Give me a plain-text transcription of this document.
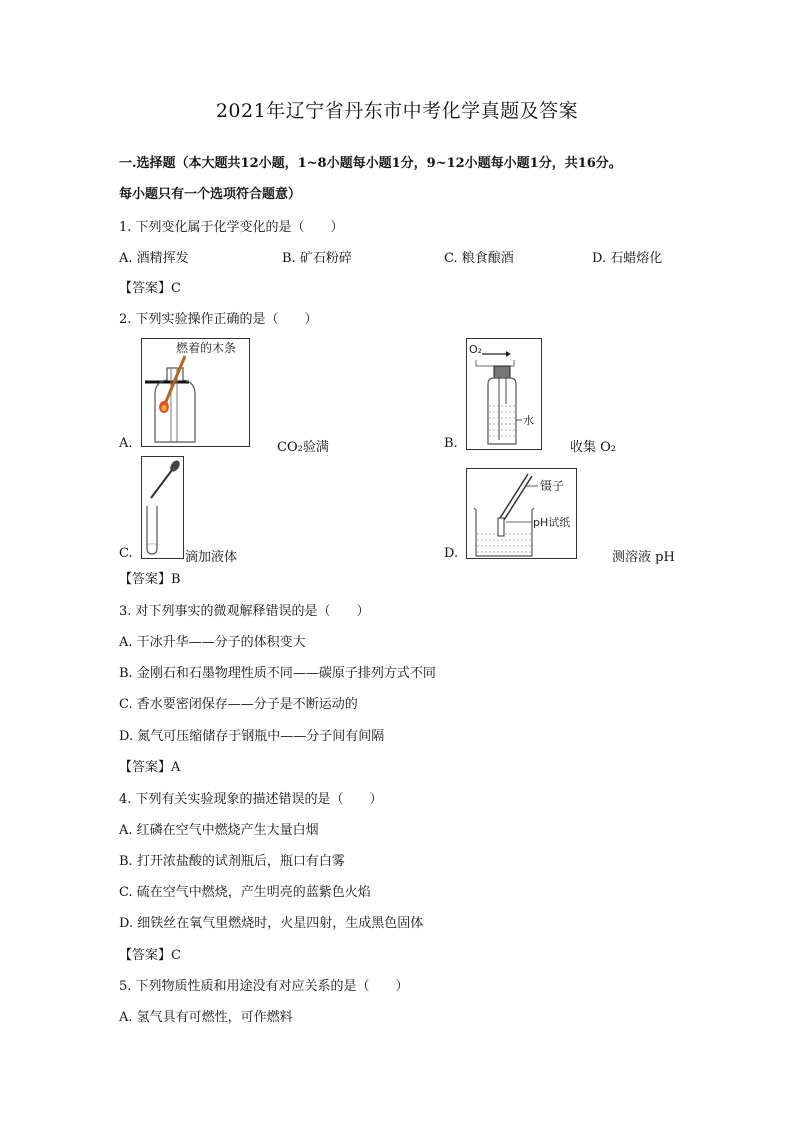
2021年辽宁省丹东市中考化学真题及答案
一.选择题（本大题共12小题，1~8小题每小题1分，9~12小题每小题1分，共16分。
每小题只有一个选项符合题意）
1. 下列变化属于化学变化的是（　　）
A. 酒精挥发	B. 矿石粉碎	C. 粮食酿酒	D. 石蜡熔化
【答案】C
2. 下列实验操作正确的是（　　）
燃着的木条
A.	CO₂验满
O₂
水
B.	收集 O₂
C.	滴加液体
镊子
pH试纸
D.	测溶液 pH
【答案】B
3. 对下列事实的微观解释错误的是（　　）
A. 干冰升华——分子的体积变大
B. 金刚石和石墨物理性质不同——碳原子排列方式不同
C. 香水要密闭保存——分子是不断运动的
D. 氮气可压缩储存于钢瓶中——分子间有间隔
【答案】A
4. 下列有关实验现象的描述错误的是（　　）
A. 红磷在空气中燃烧产生大量白烟
B. 打开浓盐酸的试剂瓶后，瓶口有白雾
C. 硫在空气中燃烧，产生明亮的蓝紫色火焰
D. 细铁丝在氧气里燃烧时，火星四射，生成黑色固体
【答案】C
5. 下列物质性质和用途没有对应关系的是（　　）
A. 氢气具有可燃性，可作燃料
